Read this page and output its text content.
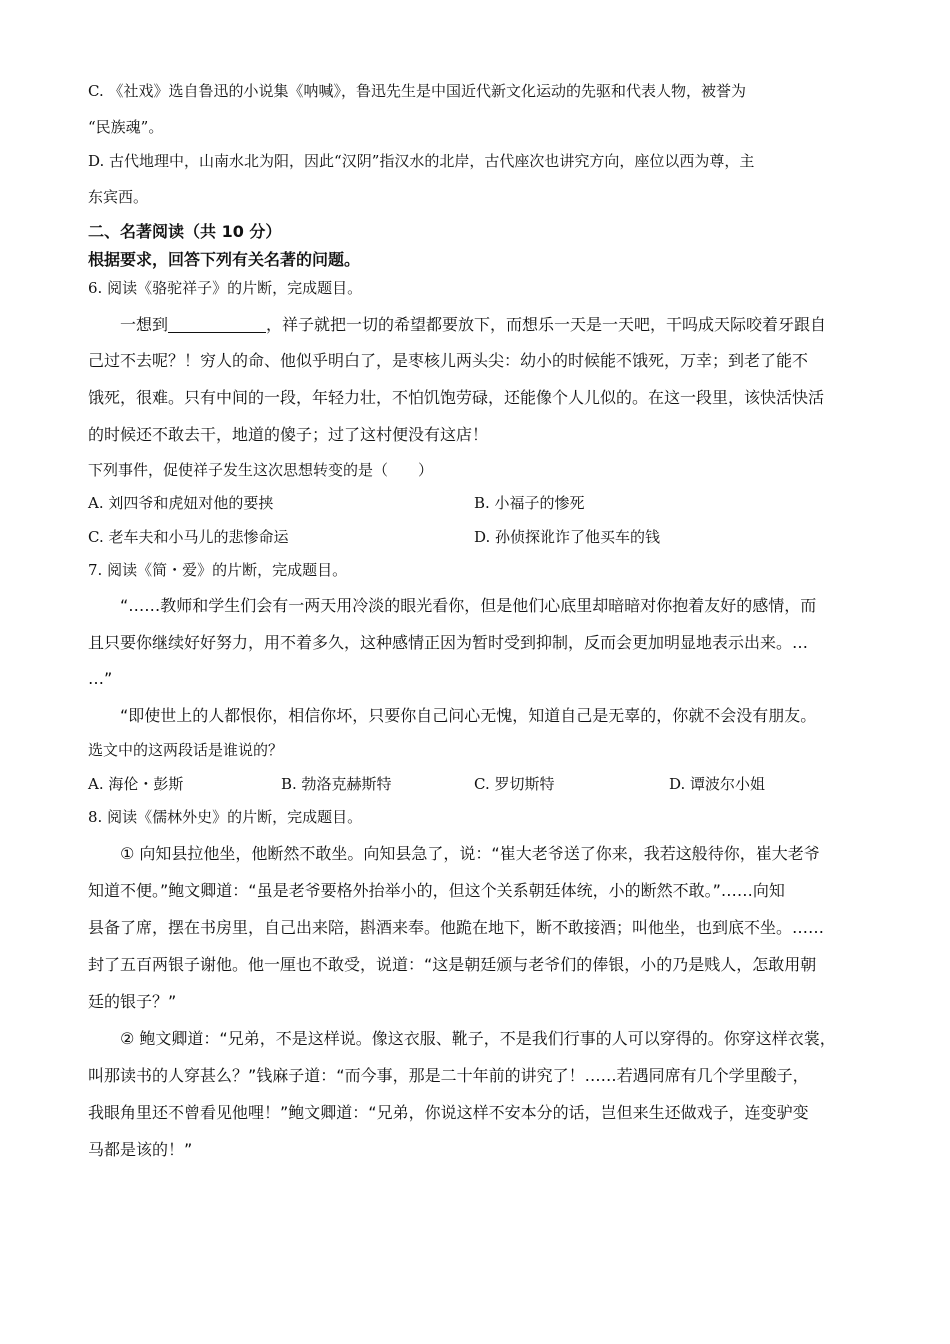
C. 《社戏》选自鲁迅的小说集《呐喊》，鲁迅先生是中国近代新文化运动的先驱和代表人物，被誉为
“民族魂”。
D. 古代地理中，山南水北为阳，因此“汉阴”指汉水的北岸，古代座次也讲究方向，座位以西为尊，主
东宾西。
二、名著阅读（共 10 分）
根据要求，回答下列有关名著的问题。
6. 阅读《骆驼祥子》的片断，完成题目。
一想到	，祥子就把一切的希望都要放下，而想乐一天是一天吧，干吗成天际咬着牙跟自
己过不去呢？！穷人的命、他似乎明白了，是枣核儿两头尖：幼小的时候能不饿死，万幸；到老了能不
饿死，很难。只有中间的一段，年轻力壮，不怕饥饱劳碌，还能像个人儿似的。在这一段里，该快活快活
的时候还不敢去干，地道的傻子；过了这村便没有这店！
下列事件，促使祥子发生这次思想转变的是（　　）
A. 刘四爷和虎妞对他的要挟	B. 小福子的惨死
C. 老车夫和小马儿的悲惨命运	D. 孙侦探讹诈了他买车的钱
7. 阅读《简・爱》的片断，完成题目。
“……教师和学生们会有一两天用冷淡的眼光看你，但是他们心底里却暗暗对你抱着友好的感情，而
且只要你继续好好努力，用不着多久，这种感情正因为暂时受到抑制，反而会更加明显地表示出来。…
…”
“即使世上的人都恨你，相信你坏，只要你自己问心无愧，知道自己是无辜的，你就不会没有朋友。
选文中的这两段话是谁说的？
A. 海伦・彭斯	B. 勃洛克赫斯特	C. 罗切斯特	D. 谭波尔小姐
8. 阅读《儒林外史》的片断，完成题目。
① 向知县拉他坐，他断然不敢坐。向知县急了，说：“崔大老爷送了你来，我若这般待你，崔大老爷
知道不便。”鲍文卿道：“虽是老爷要格外抬举小的，但这个关系朝廷体统，小的断然不敢。”……向知
县备了席，摆在书房里，自己出来陪，斟酒来奉。他跪在地下，断不敢接酒；叫他坐，也到底不坐。……
封了五百两银子谢他。他一厘也不敢受，说道：“这是朝廷颁与老爷们的俸银，小的乃是贱人，怎敢用朝
廷的银子？”
② 鲍文卿道：“兄弟，不是这样说。像这衣服、靴子，不是我们行事的人可以穿得的。你穿这样衣裳，
叫那读书的人穿甚么？”钱麻子道：“而今事，那是二十年前的讲究了！……若遇同席有几个学里酸子，
我眼角里还不曾看见他哩！”鲍文卿道：“兄弟，你说这样不安本分的话，岂但来生还做戏子，连变驴变
马都是该的！”
